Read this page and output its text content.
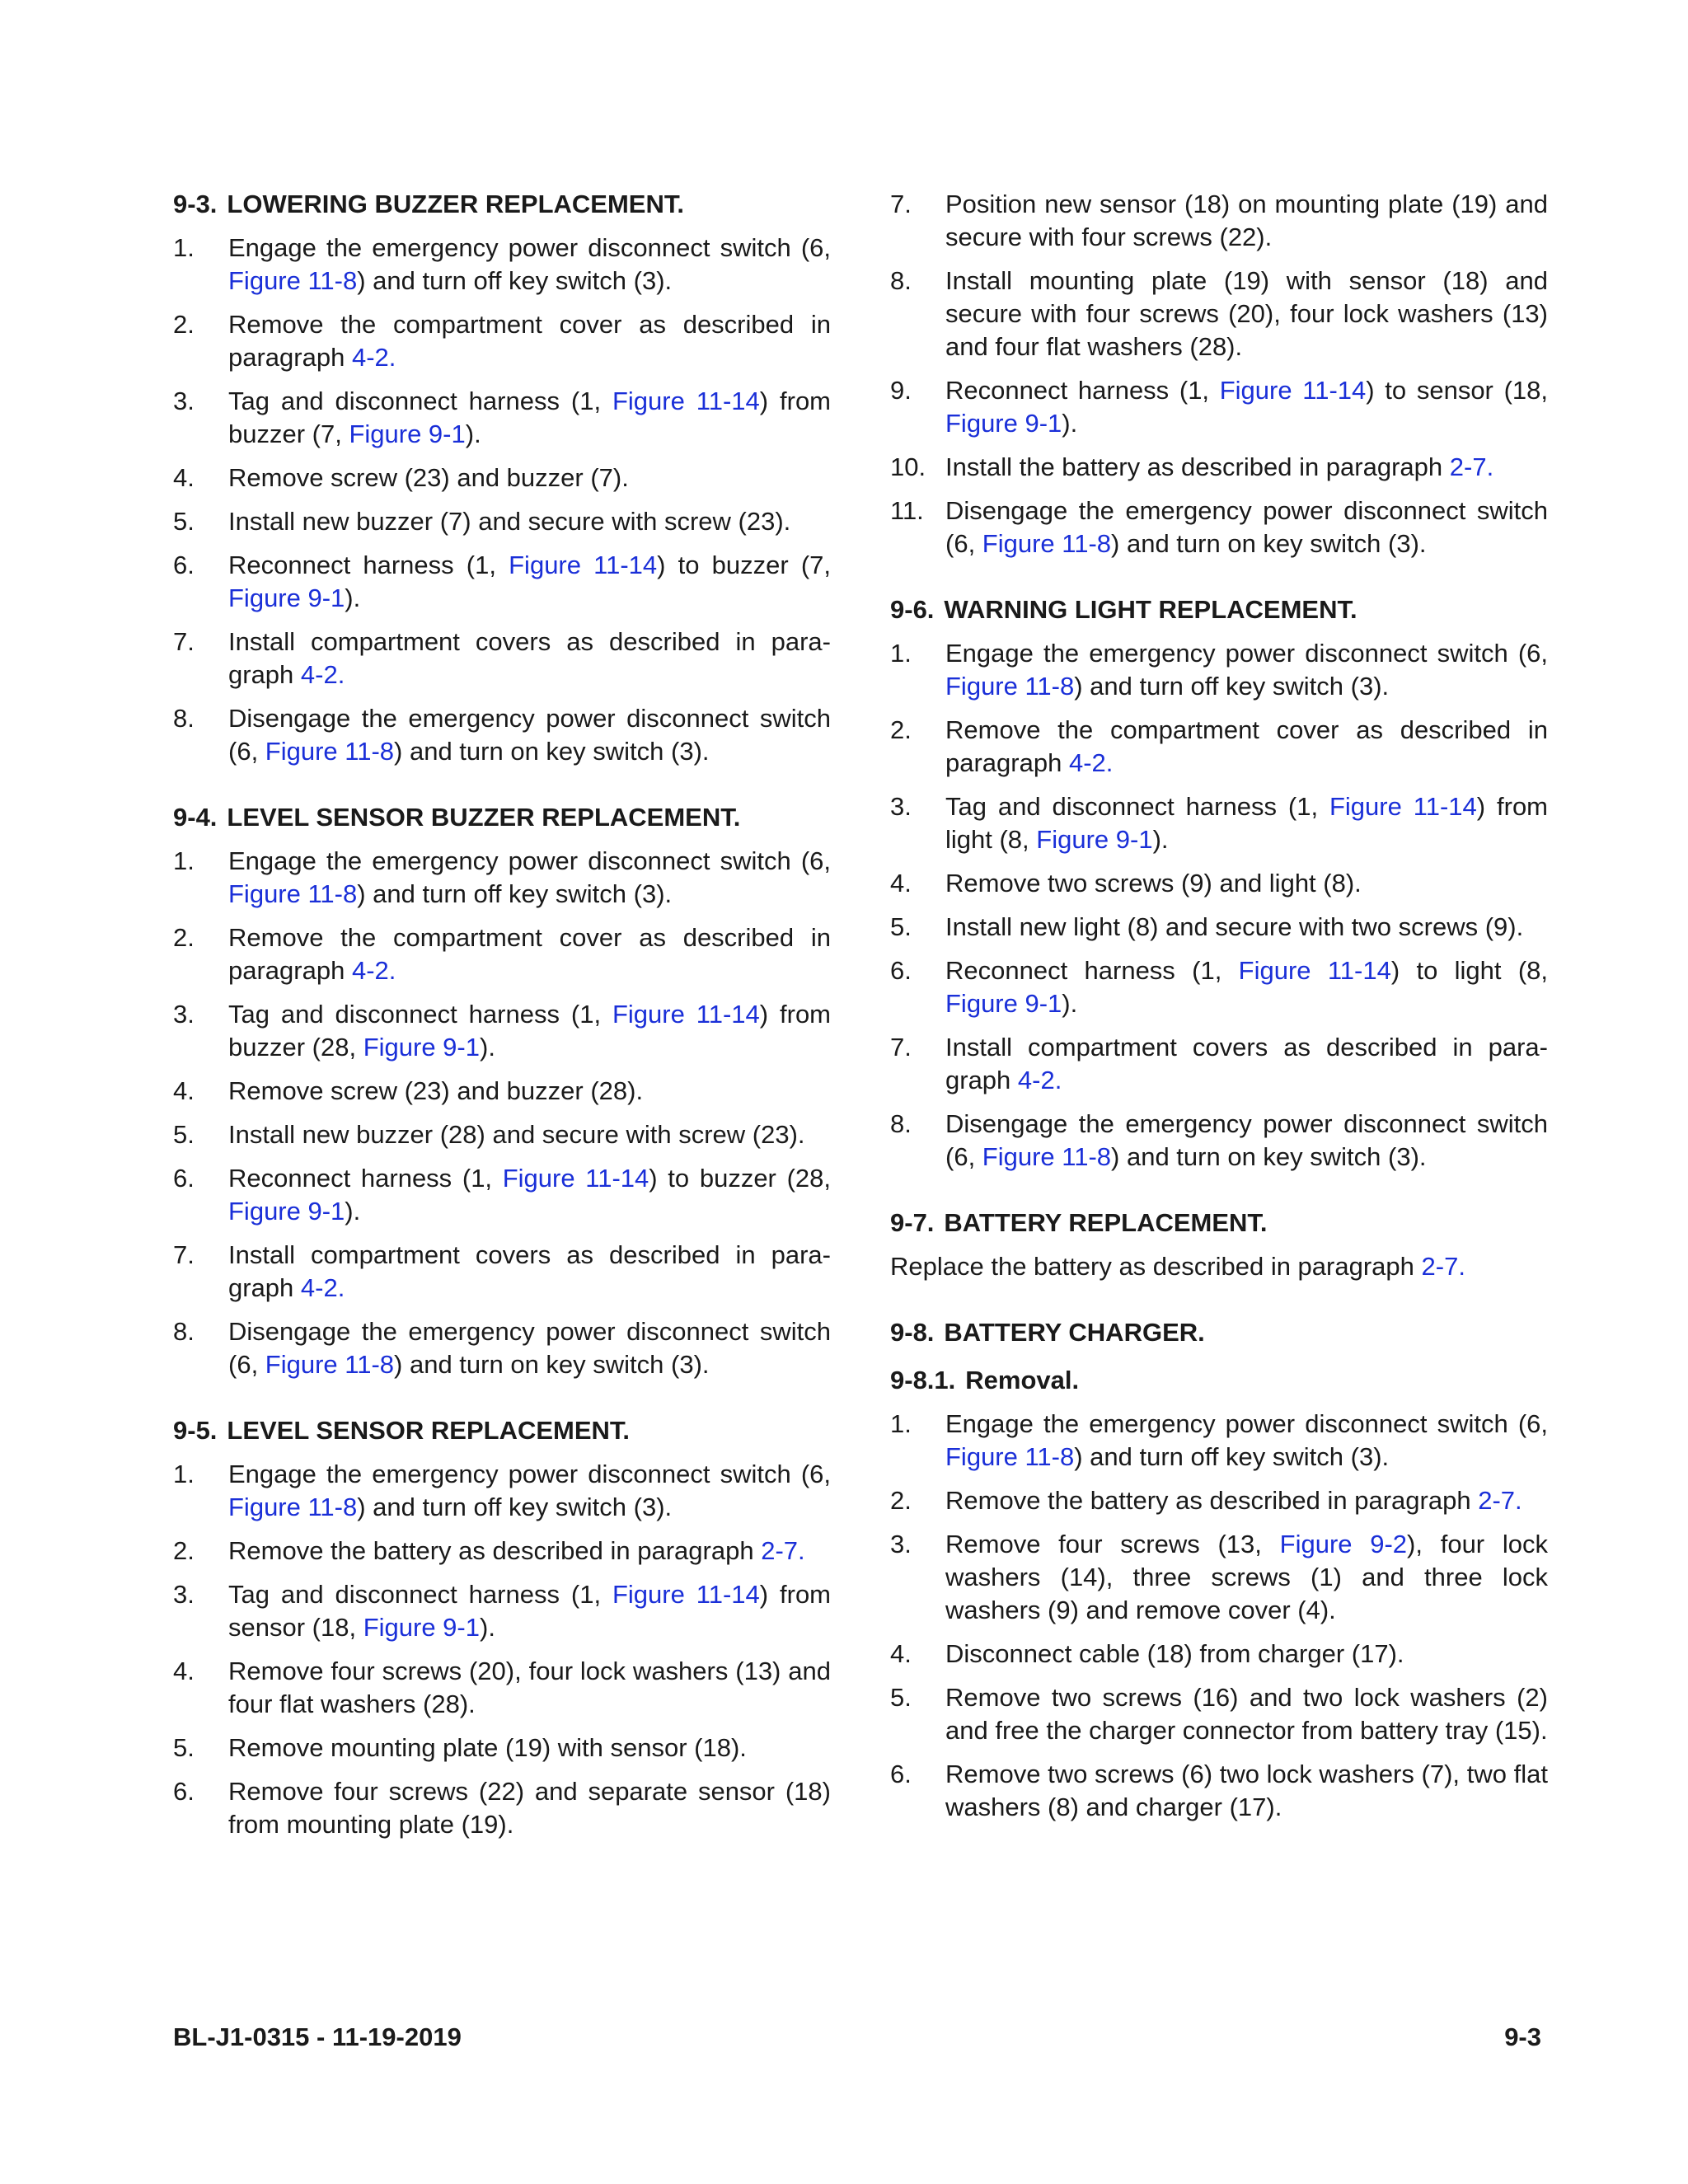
9-3. LOWERING BUZZER REPLACEMENT.
1.	Engage the emergency power disconnect switch (6, Figure 11-8) and turn off key switch (3).
2.	Remove the compartment cover as described in paragraph 4-2.
3.	Tag and disconnect harness (1, Figure 11-14) from buzzer (7, Figure 9-1).
4.	Remove screw (23) and buzzer (7).
5.	Install new buzzer (7) and secure with screw (23).
6.	Reconnect harness (1, Figure 11-14) to buzzer (7, Figure 9-1).
7.	Install compartment covers as described in para-graph 4-2.
8.	Disengage the emergency power disconnect switch (6, Figure 11-8) and turn on key switch (3).
9-4. LEVEL SENSOR BUZZER REPLACEMENT.
1.	Engage the emergency power disconnect switch (6, Figure 11-8) and turn off key switch (3).
2.	Remove the compartment cover as described in paragraph 4-2.
3.	Tag and disconnect harness (1, Figure 11-14) from buzzer (28, Figure 9-1).
4.	Remove screw (23) and buzzer (28).
5.	Install new buzzer (28) and secure with screw (23).
6.	Reconnect harness (1, Figure 11-14) to buzzer (28, Figure 9-1).
7.	Install compartment covers as described in para-graph 4-2.
8.	Disengage the emergency power disconnect switch (6, Figure 11-8) and turn on key switch (3).
9-5. LEVEL SENSOR REPLACEMENT.
1.	Engage the emergency power disconnect switch (6, Figure 11-8) and turn off key switch (3).
2.	Remove the battery as described in paragraph 2-7.
3.	Tag and disconnect harness (1, Figure 11-14) from sensor (18, Figure 9-1).
4.	Remove four screws (20), four lock washers (13) and four flat washers (28).
5.	Remove mounting plate (19) with sensor (18).
6.	Remove four screws (22) and separate sensor (18) from mounting plate (19).
7.	Position new sensor (18) on mounting plate (19) and secure with four screws (22).
8.	Install mounting plate (19) with sensor (18) and secure with four screws (20), four lock washers (13) and four flat washers (28).
9.	Reconnect harness (1, Figure 11-14) to sensor (18, Figure 9-1).
10. Install the battery as described in paragraph 2-7.
11. Disengage the emergency power disconnect switch (6, Figure 11-8) and turn on key switch (3).
9-6. WARNING LIGHT REPLACEMENT.
1.	Engage the emergency power disconnect switch (6, Figure 11-8) and turn off key switch (3).
2.	Remove the compartment cover as described in paragraph 4-2.
3.	Tag and disconnect harness (1, Figure 11-14) from light (8, Figure 9-1).
4.	Remove two screws (9) and light (8).
5.	Install new light (8) and secure with two screws (9).
6.	Reconnect harness (1, Figure 11-14) to light (8, Figure 9-1).
7.	Install compartment covers as described in para-graph 4-2.
8.	Disengage the emergency power disconnect switch (6, Figure 11-8) and turn on key switch (3).
9-7. BATTERY REPLACEMENT.

Replace the battery as described in paragraph 2-7.

9-8. BATTERY CHARGER.
9-8.1. Removal.
1.	Engage the emergency power disconnect switch (6, Figure 11-8) and turn off key switch (3).
2.	Remove the battery as described in paragraph 2-7.
3.	Remove four screws (13, Figure 9-2), four lock washers (14), three screws (1) and three lock washers (9) and remove cover (4).
4.	Disconnect cable (18) from charger (17).
5.	Remove two screws (16) and two lock washers (2) and free the charger connector from battery tray (15).
6.	Remove two screws (6) two lock washers (7), two flat washers (8) and charger (17).
BL-J1-0315 - 11-19-2019	9-3
